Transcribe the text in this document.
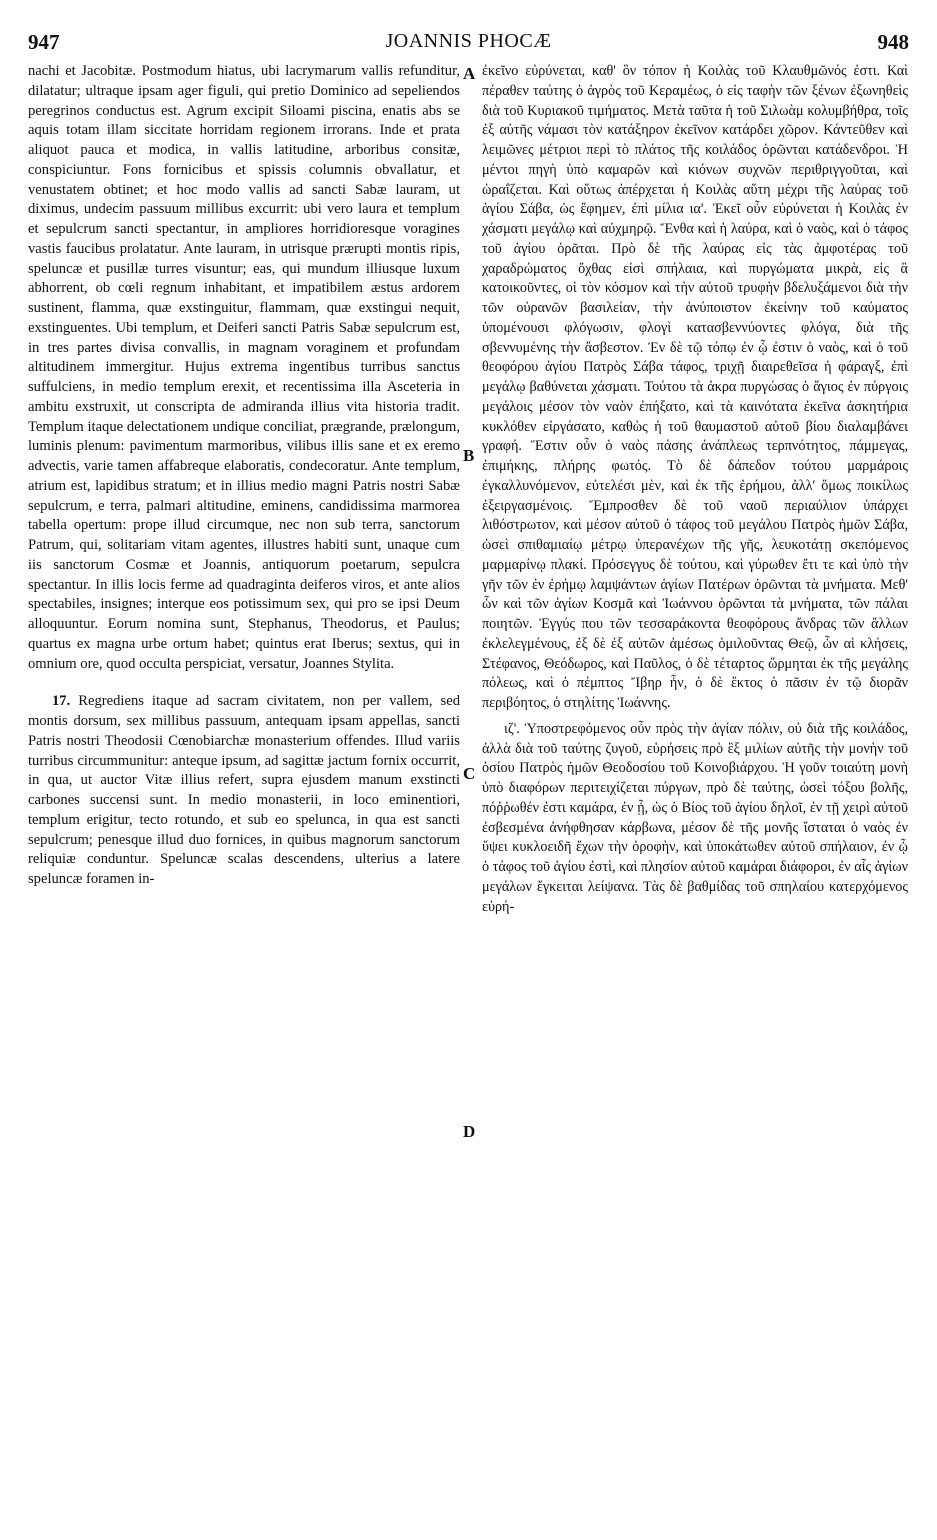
947	JOANNIS PHOCÆ	948

nachi et Jacobitæ. Postmodum hiatus, ubi lacrymarum vallis refunditur, dilatatur; ultraque ipsam ager figuli, qui pretio Dominico ad sepeliendos peregrinos conductus est. Agrum excipit Siloami piscina, enatis abs se aquis totam illam siccitate horridam regionem irrorans. Inde et prata aliquot pauca et modica, in vallis latitudine, arboribus consitæ, conspiciuntur. Fons fornicibus et spissis columnis obvallatur, et venustatem obtinet; et hoc modo vallis ad sancti Sabæ lauram, ut diximus, undecim passuum millibus excurrit: ubi vero laura et templum et sepulcrum sancti spectantur, in ampliores horridioresque voragines vastis faucibus prolatatur. Ante lauram, in utrisque prærupti montis ripis, speluncæ et pusillæ turres visuntur; eas, qui mundum illiusque luxum abhorrent, ob cœli regnum inhabitant, et impatibilem æstus ardorem sustinent, flamma, quæ exstinguitur, flammam, quæ exstingui nequit, exstinguentes. Ubi templum, et Deiferi sancti Patris Sabæ sepulcrum est, in tres partes divisa convallis, in magnam voraginem et profundam altitudinem immergitur. Hujus extrema ingentibus turribus sanctus suffulciens, in medio templum erexit, et recentissima illa Asceteria in ambitu exstruxit, ut conscripta de admiranda illius vita historia tradit. Templum itaque delectationem undique conciliat, prægrande, prælongum, luminis plenum: pavimentum marmoribus, vilibus illis sane et ex eremo advectis, varie tamen affabreque elaboratis, condecoratur. Ante templum, atrium est, lapidibus stratum; et in illius medio magni Patris nostri Sabæ sepulcrum, e terra, palmari altitudine, eminens, candidissima marmorea tabella opertum: prope illud circumque, nec non sub terra, sanctorum Patrum, qui, solitariam vitam agentes, illustres habiti sunt, unaque cum iis sanctorum Cosmæ et Joannis, antiquorum poetarum, sepulcra spectantur. In illis locis ferme ad quadraginta deiferos viros, et ante alios spectabiles, insignes; interque eos potissimum sex, qui pro se ipsi Deum alloquuntur. Eorum nomina sunt, Stephanus, Theodorus, et Paulus; quartus ex magna urbe ortum habet; quintus erat Iberus; sextus, qui in omnium ore, quod occulta perspiciat, versatur, Joannes Stylita.

17. Regrediens itaque ad sacram civitatem, non per vallem, sed montis dorsum, sex millibus passuum, antequam ipsam appellas, sancti Patris nostri Theodosii Cœnobiarchæ monasterium offendes. Illud variis turribus circummunitur: anteque ipsum, ad sagittæ jactum fornix occurrit, in qua, ut auctor Vitæ illius refert, supra ejusdem manum exstincti carbones succensi sunt. In medio monasterii, in loco eminentiori, templum erigitur, tecto rotundo, et sub eo spelunca, in qua est sancti sepulcrum; penesque illud duo fornices, in quibus magnorum sanctorum reliquiæ conduntur. Speluncæ scalas descendens, ulterius a latere speluncæ foramen in-

A
B
C
D

ἐκεῖνο εὐρύνεται, καθ' ὃν τόπον ἡ Κοιλὰς τοῦ Κλαυθμῶνός ἐστι. Καὶ πέραθεν ταύτης ὁ ἀγρὸς τοῦ Κεραμέως, ὁ εἰς ταφὴν τῶν ξένων ἐξωνηθεὶς διὰ τοῦ Κυριακοῦ τιμήματος. Μετὰ ταῦτα ἡ τοῦ Σιλωὰμ κολυμβήθρα, τοῖς ἐξ αὐτῆς νάμασι τὸν κατάξηρον ἐκεῖνον κατάρδει χῶρον. Κάντεῦθεν καὶ λειμῶνες μέτριοι περὶ τὸ πλάτος τῆς κοιλάδος ὁρῶνται κατάδενδροι. Ἡ μέντοι πηγὴ ὑπὸ καμαρῶν καὶ κιόνων συχνῶν περιθριγγοῦται, καὶ ὡραΐζεται. Καὶ οὕτως ἀπέρχεται ἡ Κοιλὰς αὕτη μέχρι τῆς λαύρας τοῦ ἁγίου Σάβα, ὡς ἔφημεν, ἐπὶ μίλια ια'. Ἐκεῖ οὖν εὐρύνεται ἡ Κοιλὰς ἐν χάσματι μεγάλῳ καὶ αὐχμηρῷ. Ἔνθα καὶ ἡ λαύρα, καὶ ὁ ναὸς, καὶ ὁ τάφος τοῦ ἁγίου ὁρᾶται. Πρὸ δὲ τῆς λαύρας εἰς τὰς ἀμφοτέρας τοῦ χαραδρώματος ὄχθας εἰσὶ σπήλαια, καὶ πυργώματα μικρὰ, εἰς ἃ κατοικοῦντες, οἱ τὸν κόσμον καὶ τὴν αὐτοῦ τρυφὴν βδελυξάμενοι διὰ τὴν τῶν οὐρανῶν βασιλείαν, τὴν ἀνύποιστον ἐκείνην τοῦ καύματος ὑπομένουσι φλόγωσιν, φλογὶ κατασβεννύοντες φλόγα, διὰ τῆς σβεννυμένης τὴν ἄσβεστον. Ἐν δὲ τῷ τόπῳ ἐν ᾧ ἐστιν ὁ ναὸς, καὶ ὁ τοῦ θεοφόρου ἁγίου Πατρὸς Σάβα τάφος, τριχῇ διαιρεθεῖσα ἡ φάραγξ, ἐπὶ μεγάλῳ βαθύνεται χάσματι. Τούτου τὰ ἀκρα πυργώσας ὁ ἅγιος ἐν πύργοις μεγάλοις μέσον τὸν ναὸν ἐπήξατο, καὶ τὰ καινότατα ἐκεῖνα ἀσκητήρια κυκλόθεν εἰργάσατο, καθὼς ἡ τοῦ θαυμαστοῦ αὐτοῦ βίου διαλαμβάνει γραφή. Ἔστιν οὖν ὁ ναὸς πάσης ἀνάπλεως τερπνότητος, πάμμεγας, ἐπιμήκης, πλήρης φωτός. Τὸ δὲ δάπεδον τούτου μαρμάροις ἐγκαλλυνόμενον, εὐτελέσι μὲν, καὶ ἐκ τῆς ἐρήμου, ἀλλ' ὅμως ποικίλως ἐξειργασμένοις. Ἔμπροσθεν δὲ τοῦ ναοῦ περιαύλιον ὑπάρχει λιθόστρωτον, καὶ μέσον αὐτοῦ ὁ τάφος τοῦ μεγάλου Πατρὸς ἡμῶν Σάβα, ὡσεὶ σπιθαμιαίῳ μέτρῳ ὑπερανέχων τῆς γῆς, λευκοτάτῃ σκεπόμενος μαρμαρίνῳ πλακί. Πρόσεγγυς δὲ τούτου, καὶ γύρωθεν ἔτι τε καὶ ὑπὸ τὴν γῆν τῶν ἐν ἐρήμῳ λαμψάντων ἁγίων Πατέρων ὁρῶνται τὰ μνήματα. Μεθ' ὧν καὶ τῶν ἁγίων Κοσμᾶ καὶ Ἰωάννου ὁρῶνται τὰ μνήματα, τῶν πάλαι ποιητῶν. Ἐγγύς που τῶν τεσσαράκοντα θεοφόρους ἄνδρας τῶν ἄλλων ἐκλελεγμένους, ἐξ δὲ ἐξ αὐτῶν ἀμέσως ὁμιλοῦντας Θεῷ, ὧν αἱ κλήσεις, Στέφανος, Θεόδωρος, καὶ Παῦλος, ὁ δὲ τέταρτος ὥρμηται ἐκ τῆς μεγάλης πόλεως, καὶ ὁ πέμπτος Ἴβηρ ἦν, ὁ δὲ ἕκτος ὁ πᾶσιν ἐν τῷ διορᾶν περιβόητος, ὁ στηλίτης Ἰωάννης.

ιζ'. Ὑποστρεφόμενος οὖν πρὸς τὴν ἁγίαν πόλιν, οὐ διὰ τῆς κοιλάδος, ἀλλὰ διὰ τοῦ ταύτης ζυγοῦ, εὑρήσεις πρὸ ἓξ μιλίων αὐτῆς τὴν μονὴν τοῦ ὁσίου Πατρὸς ἡμῶν Θεοδοσίου τοῦ Κοινοβιάρχου. Ἡ γοῦν τοιαύτη μονὴ ὑπὸ διαφόρων περιτειχίζεται πύργων, πρὸ δὲ ταύτης, ὡσεὶ τόξου βολῆς, πόῤῥωθέν ἐστι καμάρα, ἐν ᾗ, ὡς ὁ Βίος τοῦ ἁγίου δηλοῖ, ἐν τῇ χειρὶ αὐτοῦ ἐσβεσμένα ἀνήφθησαν κάρβωνα, μέσον δὲ τῆς μονῆς ἵσταται ὁ ναὸς ἐν ὕψει κυκλοειδῆ ἔχων τὴν ὀροφὴν, καὶ ὑποκάτωθεν αὐτοῦ σπήλαιον, ἐν ᾧ ὁ τάφος τοῦ ἁγίου ἐστὶ, καὶ πλησίον αὐτοῦ καμάραι διάφοροι, ἐν αἷς ἁγίων μεγάλων ἔγκειται λείψανα. Τὰς δὲ βαθμίδας τοῦ σπηλαίου κατερχόμενος εὑρή-
